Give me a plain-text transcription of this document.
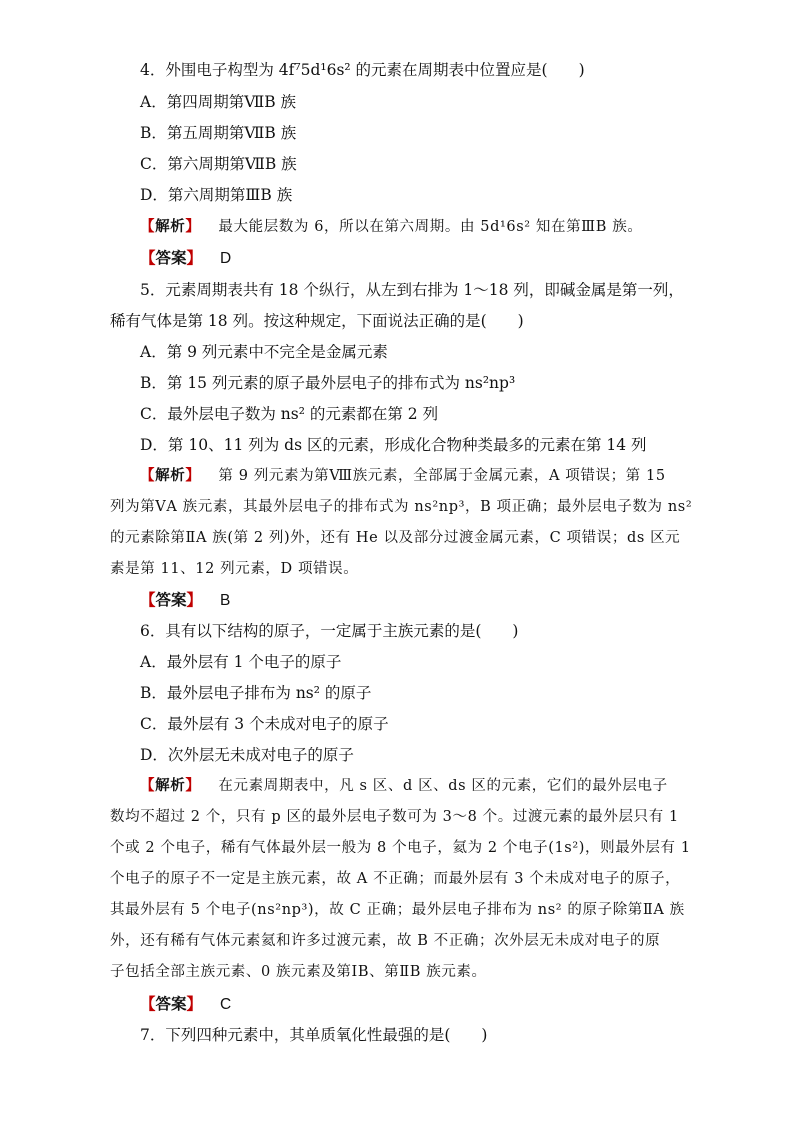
4．外围电子构型为 4f⁷5d¹6s² 的元素在周期表中位置应是(　　)
A．第四周期第ⅦB 族
B．第五周期第ⅦB 族
C．第六周期第ⅦB 族
D．第六周期第ⅢB 族
【解析】 最大能层数为 6，所以在第六周期。由 5d¹6s² 知在第ⅢB 族。
【答案】 D
5．元素周期表共有 18 个纵行，从左到右排为 1～18 列，即碱金属是第一列，
稀有气体是第 18 列。按这种规定，下面说法正确的是(　　)
A．第 9 列元素中不完全是金属元素
B．第 15 列元素的原子最外层电子的排布式为 ns²np³
C．最外层电子数为 ns² 的元素都在第 2 列
D．第 10、11 列为 ds 区的元素，形成化合物种类最多的元素在第 14 列
【解析】 第 9 列元素为第Ⅷ族元素，全部属于金属元素，A 项错误；第 15
列为第ⅤA 族元素，其最外层电子的排布式为 ns²np³，B 项正确；最外层电子数为 ns²
的元素除第ⅡA 族(第 2 列)外，还有 He 以及部分过渡金属元素，C 项错误；ds 区元
素是第 11、12 列元素，D 项错误。
【答案】 B
6．具有以下结构的原子，一定属于主族元素的是(　　)
A．最外层有 1 个电子的原子
B．最外层电子排布为 ns² 的原子
C．最外层有 3 个未成对电子的原子
D．次外层无未成对电子的原子
【解析】 在元素周期表中，凡 s 区、d 区、ds 区的元素，它们的最外层电子
数均不超过 2 个，只有 p 区的最外层电子数可为 3～8 个。过渡元素的最外层只有 1
个或 2 个电子，稀有气体最外层一般为 8 个电子，氦为 2 个电子(1s²)，则最外层有 1
个电子的原子不一定是主族元素，故 A 不正确；而最外层有 3 个未成对电子的原子，
其最外层有 5 个电子(ns²np³)，故 C 正确；最外层电子排布为 ns² 的原子除第ⅡA 族
外，还有稀有气体元素氦和许多过渡元素，故 B 不正确；次外层无未成对电子的原
子包括全部主族元素、0 族元素及第ⅠB、第ⅡB 族元素。
【答案】 C
7．下列四种元素中，其单质氧化性最强的是(　　)
